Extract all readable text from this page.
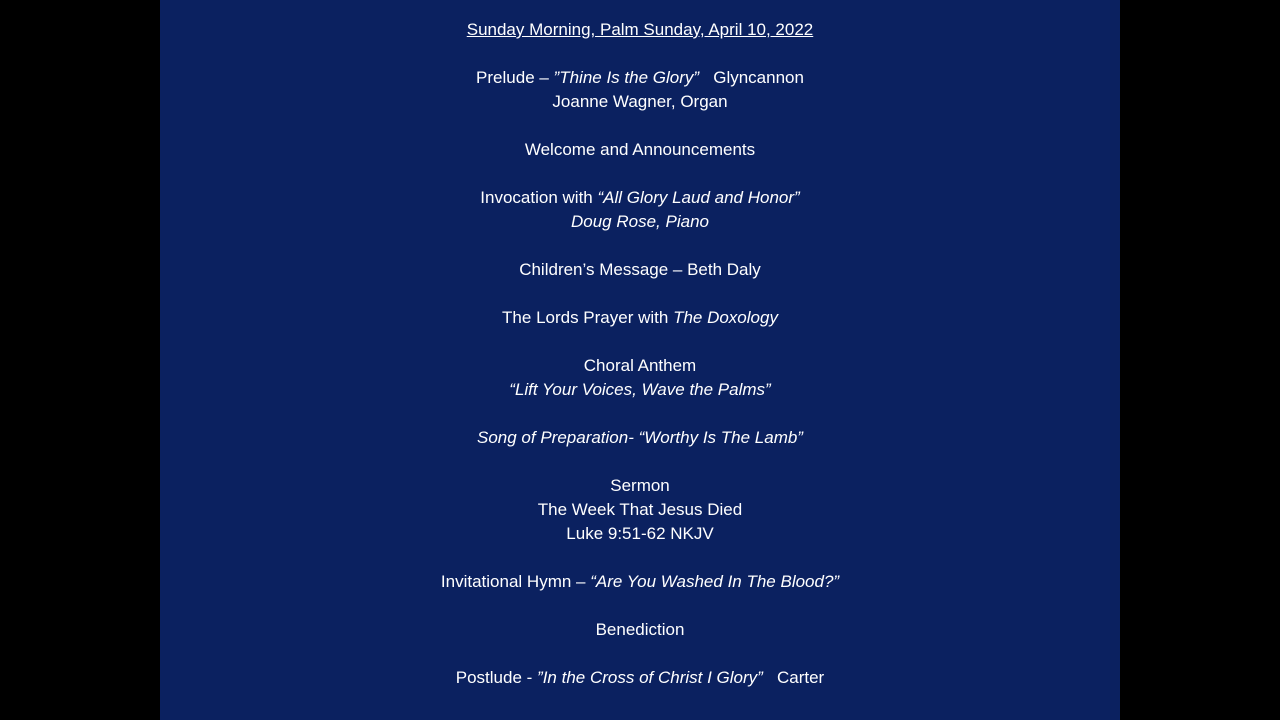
Sunday Morning, Palm Sunday, April 10, 2022
Prelude – ”Thine Is the Glory”   Glyncannon
Joanne Wagner, Organ
Welcome and Announcements
Invocation with “All Glory Laud and Honor”
Doug Rose, Piano
Children’s Message – Beth Daly
The Lords Prayer with The Doxology
Choral Anthem
“Lift Your Voices, Wave the Palms”
Song of Preparation- “Worthy Is The Lamb”
Sermon
The Week That Jesus Died
Luke 9:51-62 NKJV
Invitational Hymn – “Are You Washed In The Blood?”
Benediction
Postlude - ”In the Cross of Christ I Glory”   Carter
